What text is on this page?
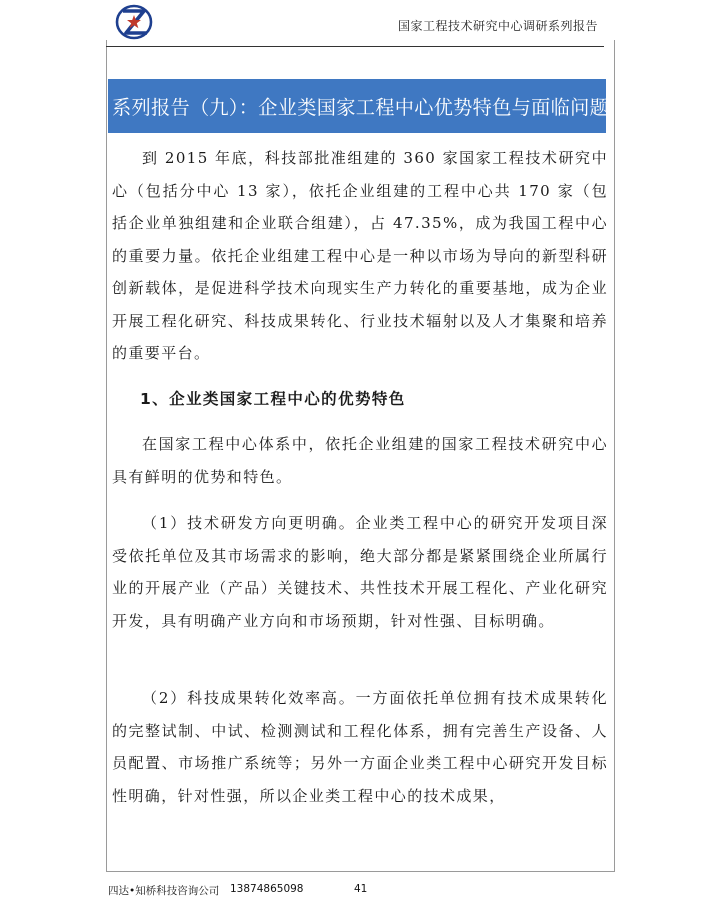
国家工程技术研究中心调研系列报告
系列报告（九）：企业类国家工程中心优势特色与面临问题

到 2015 年底，科技部批准组建的 360 家国家工程技术研究中心（包括分中心 13 家），依托企业组建的工程中心共 170 家（包括企业单独组建和企业联合组建），占 47.35%，成为我国工程中心的重要力量。依托企业组建工程中心是一种以市场为导向的新型科研创新载体，是促进科学技术向现实生产力转化的重要基地，成为企业开展工程化研究、科技成果转化、行业技术辐射以及人才集聚和培养的重要平台。

1、企业类国家工程中心的优势特色

在国家工程中心体系中，依托企业组建的国家工程技术研究中心具有鲜明的优势和特色。

（1）技术研发方向更明确。企业类工程中心的研究开发项目深受依托单位及其市场需求的影响，绝大部分都是紧紧围绕企业所属行业的开展产业（产品）关键技术、共性技术开展工程化、产业化研究开发，具有明确产业方向和市场预期，针对性强、目标明确。

（2）科技成果转化效率高。一方面依托单位拥有技术成果转化的完整试制、中试、检测测试和工程化体系，拥有完善生产设备、人员配置、市场推广系统等；另外一方面企业类工程中心研究开发目标性明确，针对性强，所以企业类工程中心的技术成果，

四达•知桥科技咨询公司 13874865098	41
